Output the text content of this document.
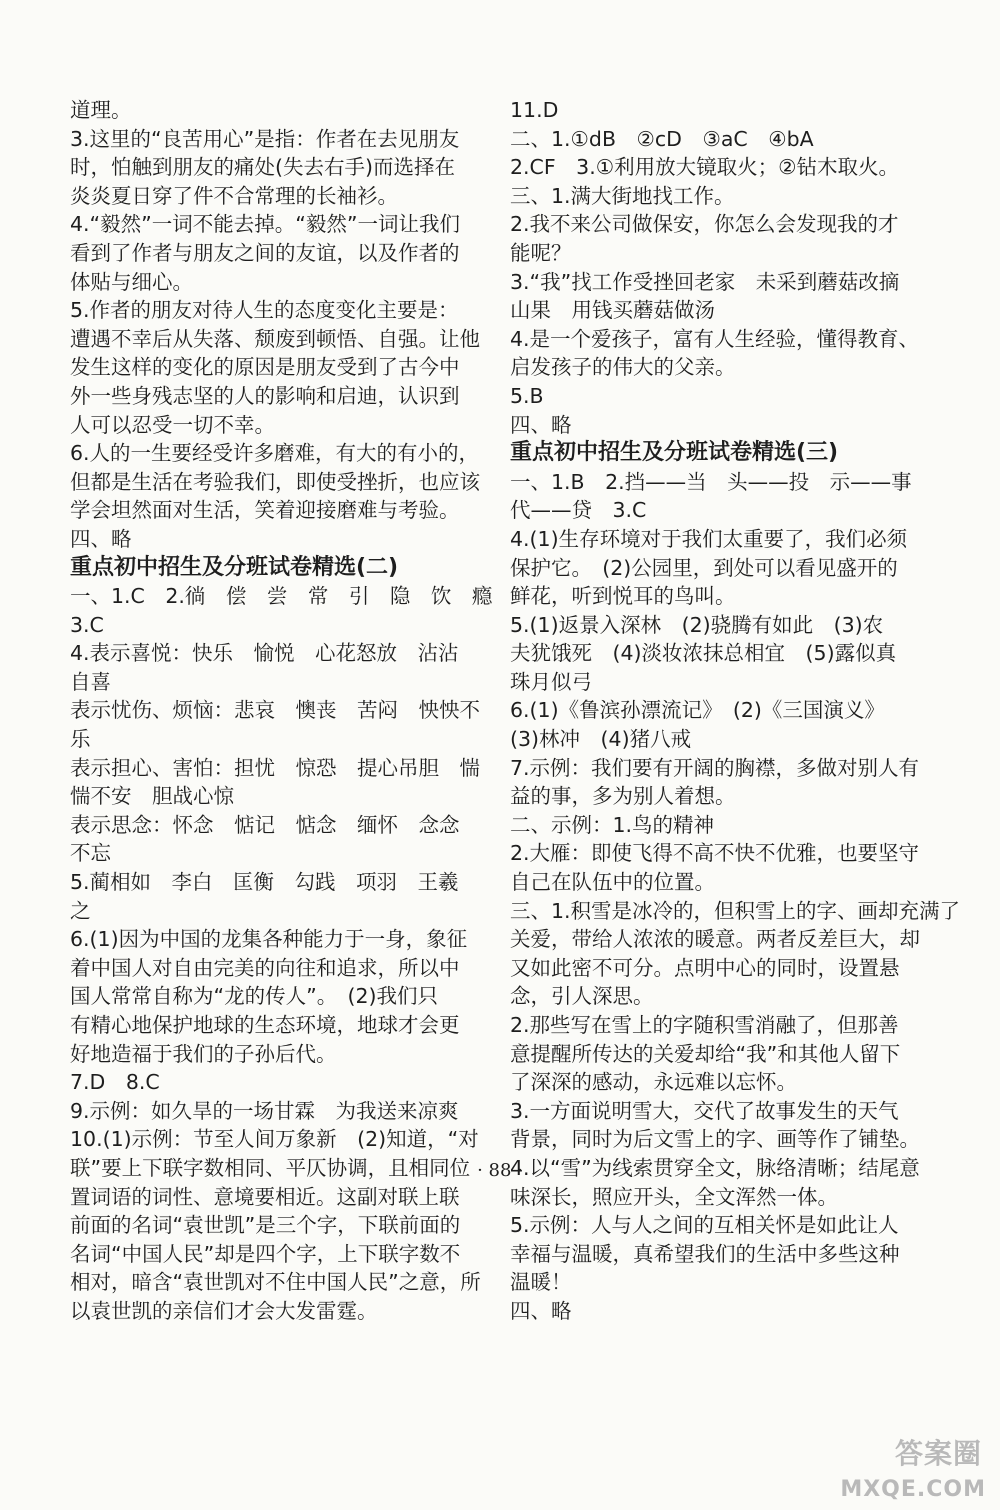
道理。
3.这里的“良苦用心”是指：作者在去见朋友
时，怕触到朋友的痛处(失去右手)而选择在
炎炎夏日穿了件不合常理的长袖衫。
4.“毅然”一词不能去掉。“毅然”一词让我们
看到了作者与朋友之间的友谊，以及作者的
体贴与细心。
5.作者的朋友对待人生的态度变化主要是：
遭遇不幸后从失落、颓废到顿悟、自强。让他
发生这样的变化的原因是朋友受到了古今中
外一些身残志坚的人的影响和启迪，认识到
人可以忍受一切不幸。
6.人的一生要经受许多磨难，有大的有小的，
但都是生活在考验我们，即使受挫折，也应该
学会坦然面对生活，笑着迎接磨难与考验。
四、略
重点初中招生及分班试卷精选(二)
一、1.C　2.徜　偿　尝　常　引　隐　饮　瘾
3.C
4.表示喜悦：快乐　愉悦　心花怒放　沾沾
自喜
表示忧伤、烦恼：悲哀　懊丧　苦闷　怏怏不
乐
表示担心、害怕：担忧　惊恐　提心吊胆　惴
惴不安　胆战心惊
表示思念：怀念　惦记　惦念　缅怀　念念
不忘
5.蔺相如　李白　匡衡　勾践　项羽　王羲
之
6.(1)因为中国的龙集各种能力于一身，象征
着中国人对自由完美的向往和追求，所以中
国人常常自称为“龙的传人”。　(2)我们只
有精心地保护地球的生态环境，地球才会更
好地造福于我们的子孙后代。
7.D　8.C
9.示例：如久旱的一场甘霖　为我送来凉爽
10.(1)示例：节至人间万象新　(2)知道，“对
联”要上下联字数相同、平仄协调，且相同位
置词语的词性、意境要相近。这副对联上联
前面的名词“袁世凯”是三个字，下联前面的
名词“中国人民”却是四个字，上下联字数不
相对，暗含“袁世凯对不住中国人民”之意，所
以袁世凯的亲信们才会大发雷霆。
11.D
二、1.①dB　②cD　③aC　④bA
2.CF　3.①利用放大镜取火；②钻木取火。
三、1.满大街地找工作。
2.我不来公司做保安，你怎么会发现我的才
能呢？
3.“我”找工作受挫回老家　未采到蘑菇改摘
山果　用钱买蘑菇做汤
4.是一个爱孩子，富有人生经验，懂得教育、
启发孩子的伟大的父亲。
5.B
四、略
重点初中招生及分班试卷精选(三)
一、1.B　2.挡——当　头——投　示——事
代——贷　3.C
4.(1)生存环境对于我们太重要了，我们必须
保护它。　(2)公园里，到处可以看见盛开的
鲜花，听到悦耳的鸟叫。
5.(1)返景入深林　(2)骁腾有如此　(3)农
夫犹饿死　(4)淡妆浓抹总相宜　(5)露似真
珠月似弓
6.(1)《鲁滨孙漂流记》　(2)《三国演义》
(3)林冲　(4)猪八戒
7.示例：我们要有开阔的胸襟，多做对别人有
益的事，多为别人着想。
二、示例：1.鸟的精神
2.大雁：即使飞得不高不快不优雅，也要坚守
自己在队伍中的位置。
三、1.积雪是冰冷的，但积雪上的字、画却充满了
关爱，带给人浓浓的暖意。两者反差巨大，却
又如此密不可分。点明中心的同时，设置悬
念，引人深思。
2.那些写在雪上的字随积雪消融了，但那善
意提醒所传达的关爱却给“我”和其他人留下
了深深的感动，永远难以忘怀。
3.一方面说明雪大，交代了故事发生的天气
背景，同时为后文雪上的字、画等作了铺垫。
4.以“雪”为线索贯穿全文，脉络清晰；结尾意
味深长，照应开头，全文浑然一体。
5.示例：人与人之间的互相关怀是如此让人
幸福与温暖，真希望我们的生活中多些这种
温暖！
四、略
· 88 ·
答案圈
MXQE.COM
